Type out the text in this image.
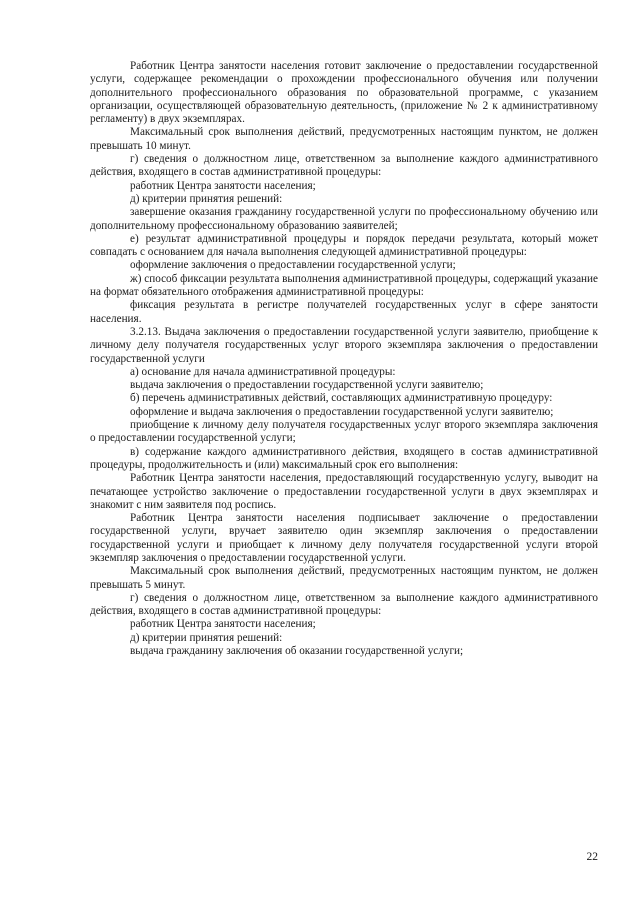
Работник Центра занятости населения готовит заключение о предоставлении государственной услуги, содержащее рекомендации о прохождении профессионального обучения или получении дополнительного профессионального образования по образовательной программе, с указанием организации, осуществляющей образовательную деятельность, (приложение № 2 к административному регламенту) в двух экземплярах.

Максимальный срок выполнения действий, предусмотренных настоящим пунктом, не должен превышать 10 минут.

г) сведения о должностном лице, ответственном за выполнение каждого административного действия, входящего в состав административной процедуры:

работник Центра занятости населения;

д) критерии принятия решений:

завершение оказания гражданину государственной услуги по профессиональному обучению или дополнительному профессиональному образованию заявителей;

е) результат административной процедуры и порядок передачи результата, который может совпадать с основанием для начала выполнения следующей административной процедуры:

оформление заключения о предоставлении государственной услуги;

ж) способ фиксации результата выполнения административной процедуры, содержащий указание на формат обязательного отображения административной процедуры:

фиксация результата в регистре получателей государственных услуг в сфере занятости населения.

3.2.13. Выдача заключения о предоставлении государственной услуги заявителю, приобщение к личному делу получателя государственных услуг второго экземпляра заключения о предоставлении государственной услуги

а) основание для начала административной процедуры:

выдача заключения о предоставлении государственной услуги заявителю;

б) перечень административных действий, составляющих административную процедуру:

оформление и выдача заключения о предоставлении государственной услуги заявителю;

приобщение к личному делу получателя государственных услуг второго экземпляра заключения о предоставлении государственной услуги;

в) содержание каждого административного действия, входящего в состав административной процедуры, продолжительность и (или) максимальный срок его выполнения:

Работник Центра занятости населения, предоставляющий государственную услугу, выводит на печатающее устройство заключение о предоставлении государственной услуги в двух экземплярах и знакомит с ним заявителя под роспись.

Работник Центра занятости населения подписывает заключение о предоставлении государственной услуги, вручает заявителю один экземпляр заключения о предоставлении государственной услуги и приобщает к личному делу получателя государственной услуги второй экземпляр заключения о предоставлении государственной услуги.

Максимальный срок выполнения действий, предусмотренных настоящим пунктом, не должен превышать 5 минут.

г) сведения о должностном лице, ответственном за выполнение каждого административного действия, входящего в состав административной процедуры:

работник Центра занятости населения;

д) критерии принятия решений:

выдача гражданину заключения об оказании государственной услуги;

22
